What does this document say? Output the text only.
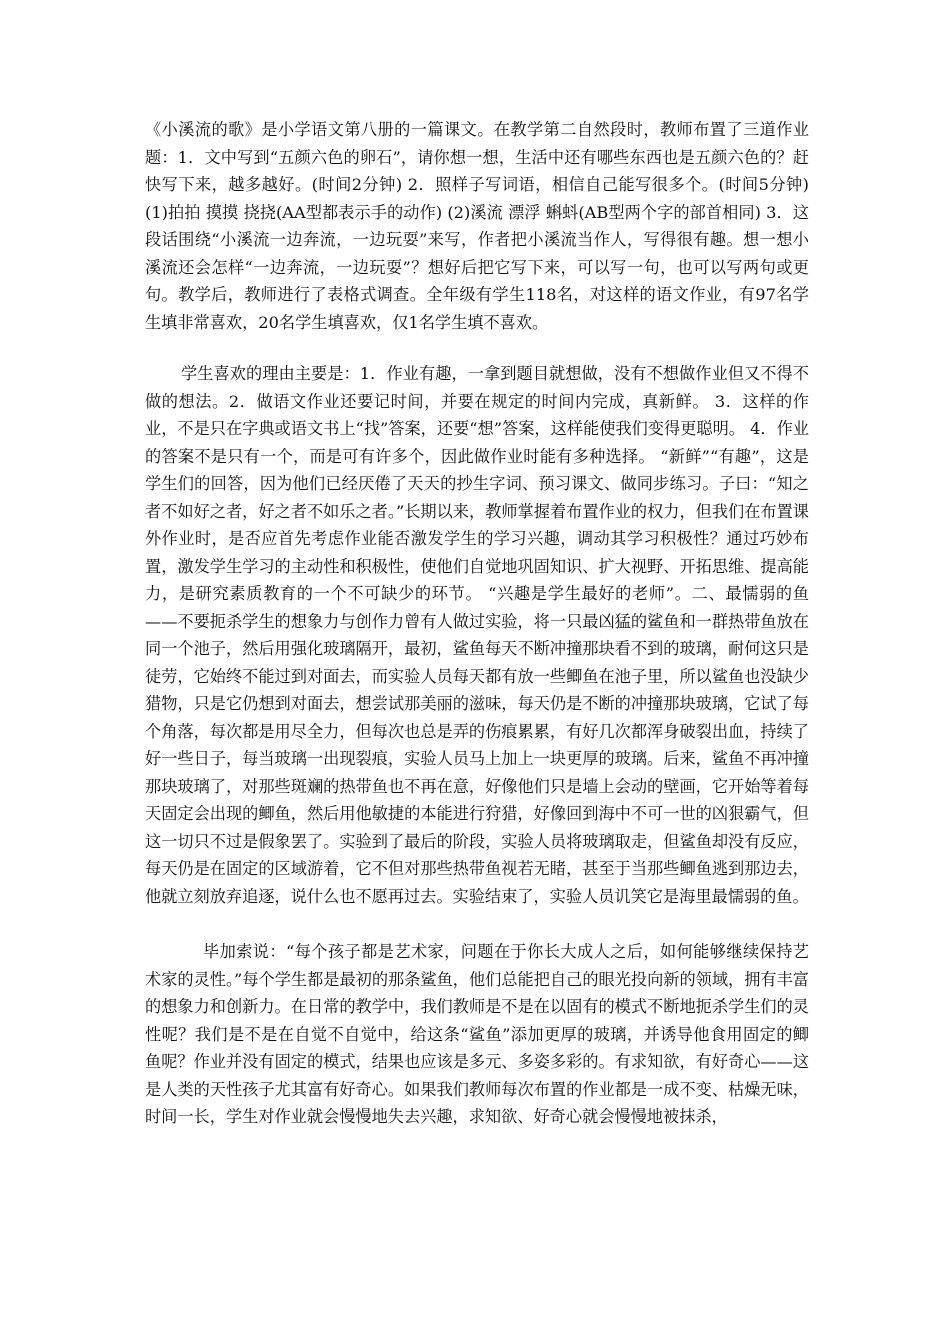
《小溪流的歌》是小学语文第八册的一篇课文。在教学第二自然段时，教师布置了三道作业题：1．文中写到“五颜六色的卵石”，请你想一想，生活中还有哪些东西也是五颜六色的？赶快写下来，越多越好。(时间2分钟) 2．照样子写词语，相信自己能写很多个。(时间5分钟) (1)拍拍 摸摸 挠挠(AA型都表示手的动作) (2)溪流 漂浮 蝌蚪(AB型两个字的部首相同) 3．这段话围绕“小溪流一边奔流，一边玩耍”来写，作者把小溪流当作人，写得很有趣。想一想小溪流还会怎样“一边奔流，一边玩耍”？想好后把它写下来，可以写一句，也可以写两句或更句。教学后，教师进行了表格式调查。全年级有学生118名，对这样的语文作业，有97名学生填非常喜欢，20名学生填喜欢，仅1名学生填不喜欢。

学生喜欢的理由主要是：1．作业有趣，一拿到题目就想做，没有不想做作业但又不得不做的想法。2．做语文作业还要记时间，并要在规定的时间内完成，真新鲜。 3．这样的作业，不是只在字典或语文书上“找”答案，还要“想”答案，这样能使我们变得更聪明。 4．作业的答案不是只有一个，而是可有许多个，因此做作业时能有多种选择。 “新鲜”“有趣”，这是学生们的回答，因为他们已经厌倦了天天的抄生字词、预习课文、做同步练习。子曰：“知之者不如好之者，好之者不如乐之者。”长期以来，教师掌握着布置作业的权力，但我们在布置课外作业时，是否应首先考虑作业能否激发学生的学习兴趣，调动其学习积极性？通过巧妙布置，激发学生学习的主动性和积极性，使他们自觉地巩固知识、扩大视野、开拓思维、提高能力，是研究素质教育的一个不可缺少的环节。 “兴趣是学生最好的老师”。二、最懦弱的鱼——不要扼杀学生的想象力与创作力曾有人做过实验，将一只最凶猛的鲨鱼和一群热带鱼放在同一个池子，然后用强化玻璃隔开，最初，鲨鱼每天不断冲撞那块看不到的玻璃，耐何这只是徒劳，它始终不能过到对面去，而实验人员每天都有放一些鲫鱼在池子里，所以鲨鱼也没缺少猎物，只是它仍想到对面去，想尝试那美丽的滋味，每天仍是不断的冲撞那块玻璃，它试了每个角落，每次都是用尽全力，但每次也总是弄的伤痕累累，有好几次都浑身破裂出血，持续了好一些日子，每当玻璃一出现裂痕，实验人员马上加上一块更厚的玻璃。后来，鲨鱼不再冲撞那块玻璃了，对那些斑斓的热带鱼也不再在意，好像他们只是墙上会动的壁画，它开始等着每天固定会出现的鲫鱼，然后用他敏捷的本能进行狩猎，好像回到海中不可一世的凶狠霸气，但这一切只不过是假象罢了。实验到了最后的阶段，实验人员将玻璃取走，但鲨鱼却没有反应，每天仍是在固定的区域游着，它不但对那些热带鱼视若无睹，甚至于当那些鲫鱼逃到那边去，他就立刻放弃追逐，说什么也不愿再过去。实验结束了，实验人员讥笑它是海里最懦弱的鱼。

毕加索说：“每个孩子都是艺术家，问题在于你长大成人之后，如何能够继续保持艺术家的灵性。”每个学生都是最初的那条鲨鱼，他们总能把自己的眼光投向新的领域，拥有丰富的想象力和创新力。在日常的教学中，我们教师是不是在以固有的模式不断地扼杀学生们的灵性呢？我们是不是在自觉不自觉中，给这条“鲨鱼”添加更厚的玻璃，并诱导他食用固定的鲫鱼呢？作业并没有固定的模式，结果也应该是多元、多姿多彩的。有求知欲，有好奇心——这是人类的天性孩子尤其富有好奇心。如果我们教师每次布置的作业都是一成不变、枯燥无味，时间一长，学生对作业就会慢慢地失去兴趣，求知欲、好奇心就会慢慢地被抹杀，
